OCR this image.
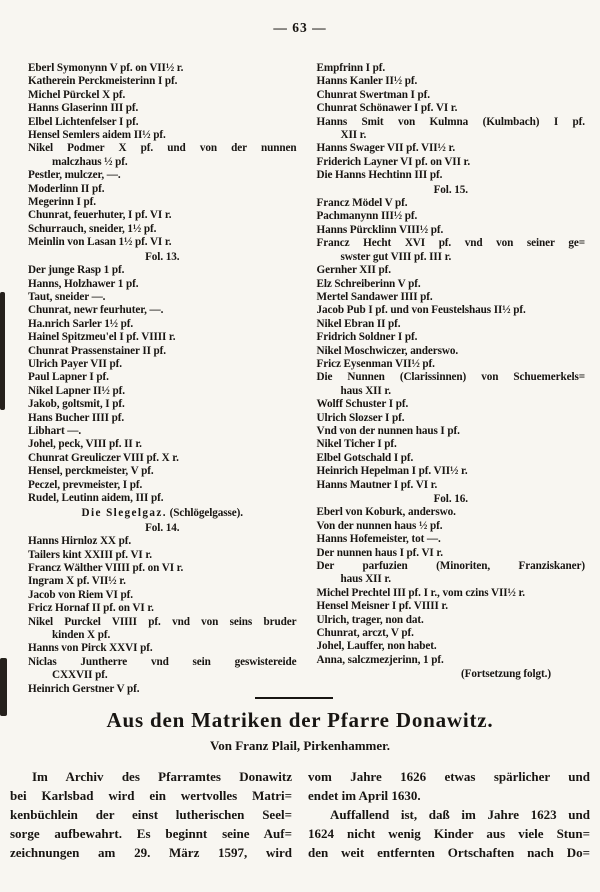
— 63 —
Eberl Symonynn V pf. on VII½ r.
Katherein Perckmeisterinn I pf.
Michel Pürckel X pf.
Hanns Glaserinn III pf.
Elbel Lichtenfelser I pf.
Hensel Semlers aidem II½ pf.
Nikel Podmer X pf. und von der nunnen
malczhaus ½ pf.
Pestler, mulczer, —.
Moderlinn II pf.
Megerinn I pf.
Chunrat, feuerhuter, I pf. VI r.
Schurrauch, sneider, 1½ pf.
Meinlin von Lasan 1½ pf. VI r.
Fol. 13.
Der junge Rasp 1 pf.
Hanns, Holzhawer 1 pf.
Taut, sneider —.
Chunrat, newr feurhuter, —.
Ha.nrich Sarler 1½ pf.
Hainel Spitzmeu'el I pf. VIIII r.
Chunrat Prassenstainer II pf.
Ulrich Payer VII pf.
Paul Lapner I pf.
Nikel Lapner II½ pf.
Jakob, goltsmit, I pf.
Hans Bucher IIII pf.
Libhart —.
Johel, peck, VIII pf. II r.
Chunrat Greuliczer VIII pf. X r.
Hensel, perckmeister, V pf.
Peczel, prevmeister, I pf.
Rudel, Leutinn aidem, III pf.
Die Slegelgaz. (Schlögelgasse).
Fol. 14.
Hanns Hirnloz XX pf.
Tailers kint XXIII pf. VI r.
Francz Wälther VIIII pf. on VI r.
Ingram X pf. VII½ r.
Jacob von Riem VI pf.
Fricz Hornaf II pf. on VI r.
Nikel Purckel VIIII pf. vnd von seins bruder
kinden X pf.
Hanns von Pirck XXVI pf.
Niclas Juntherre vnd sein geswistereide
CXXVII pf.
Heinrich Gerstner V pf.
Empfrinn I pf.
Hanns Kanler II½ pf.
Chunrat Swertman I pf.
Chunrat Schönawer I pf. VI r.
Hanns Smit von Kulmna (Kulmbach) I pf.
XII r.
Hanns Swager VII pf. VII½ r.
Friderich Layner VI pf. on VII r.
Die Hanns Hechtinn III pf.
Fol. 15.
Francz Mödel V pf.
Pachmanynn III½ pf.
Hanns Pürcklinn VIII½ pf.
Francz Hecht XVI pf. vnd von seiner ge=
swster gut VIII pf. III r.
Gernher XII pf.
Elz Schreiberinn V pf.
Mertel Sandawer IIII pf.
Jacob Pub I pf. und von Feustelshaus II½ pf.
Nikel Ebran II pf.
Fridrich Soldner I pf.
Nikel Moschwiczer, anderswo.
Fricz Eysenman VII½ pf.
Die Nunnen (Clarissinnen) von Schuemerkels=
haus XII r.
Wolff Schuster I pf.
Ulrich Slozser I pf.
Vnd von der nunnen haus I pf.
Nikel Ticher I pf.
Elbel Gotschald I pf.
Heinrich Hepelman I pf. VII½ r.
Hanns Mautner I pf. VI r.
Fol. 16.
Eberl von Koburk, anderswo.
Von der nunnen haus ½ pf.
Hanns Hofemeister, tot —.
Der nunnen haus I pf. VI r.
Der parfuzien (Minoriten, Franziskaner)
haus XII r.
Michel Prechtel III pf. I r., vom czins VII½ r.
Hensel Meisner I pf. VIIII r.
Ulrich, trager, non dat.
Chunrat, arczt, V pf.
Johel, Lauffer, non habet.
Anna, salczmezjerinn, 1 pf.
(Fortsetzung folgt.)
Aus den Matriken der Pfarre Donawitz.
Von Franz Plail, Pirkenhammer.
Im Archiv des Pfarramtes Donawitz
bei Karlsbad wird ein wertvolles Matri=
kenbüchlein der einst lutherischen Seel=
sorge aufbewahrt. Es beginnt seine Auf=
zeichnungen am 29. März 1597, wird
vom Jahre 1626 etwas spärlicher und
endet im April 1630.
Auffallend ist, daß im Jahre 1623 und
1624 nicht wenig Kinder aus viele Stun=
den weit entfernten Ortschaften nach Do=
